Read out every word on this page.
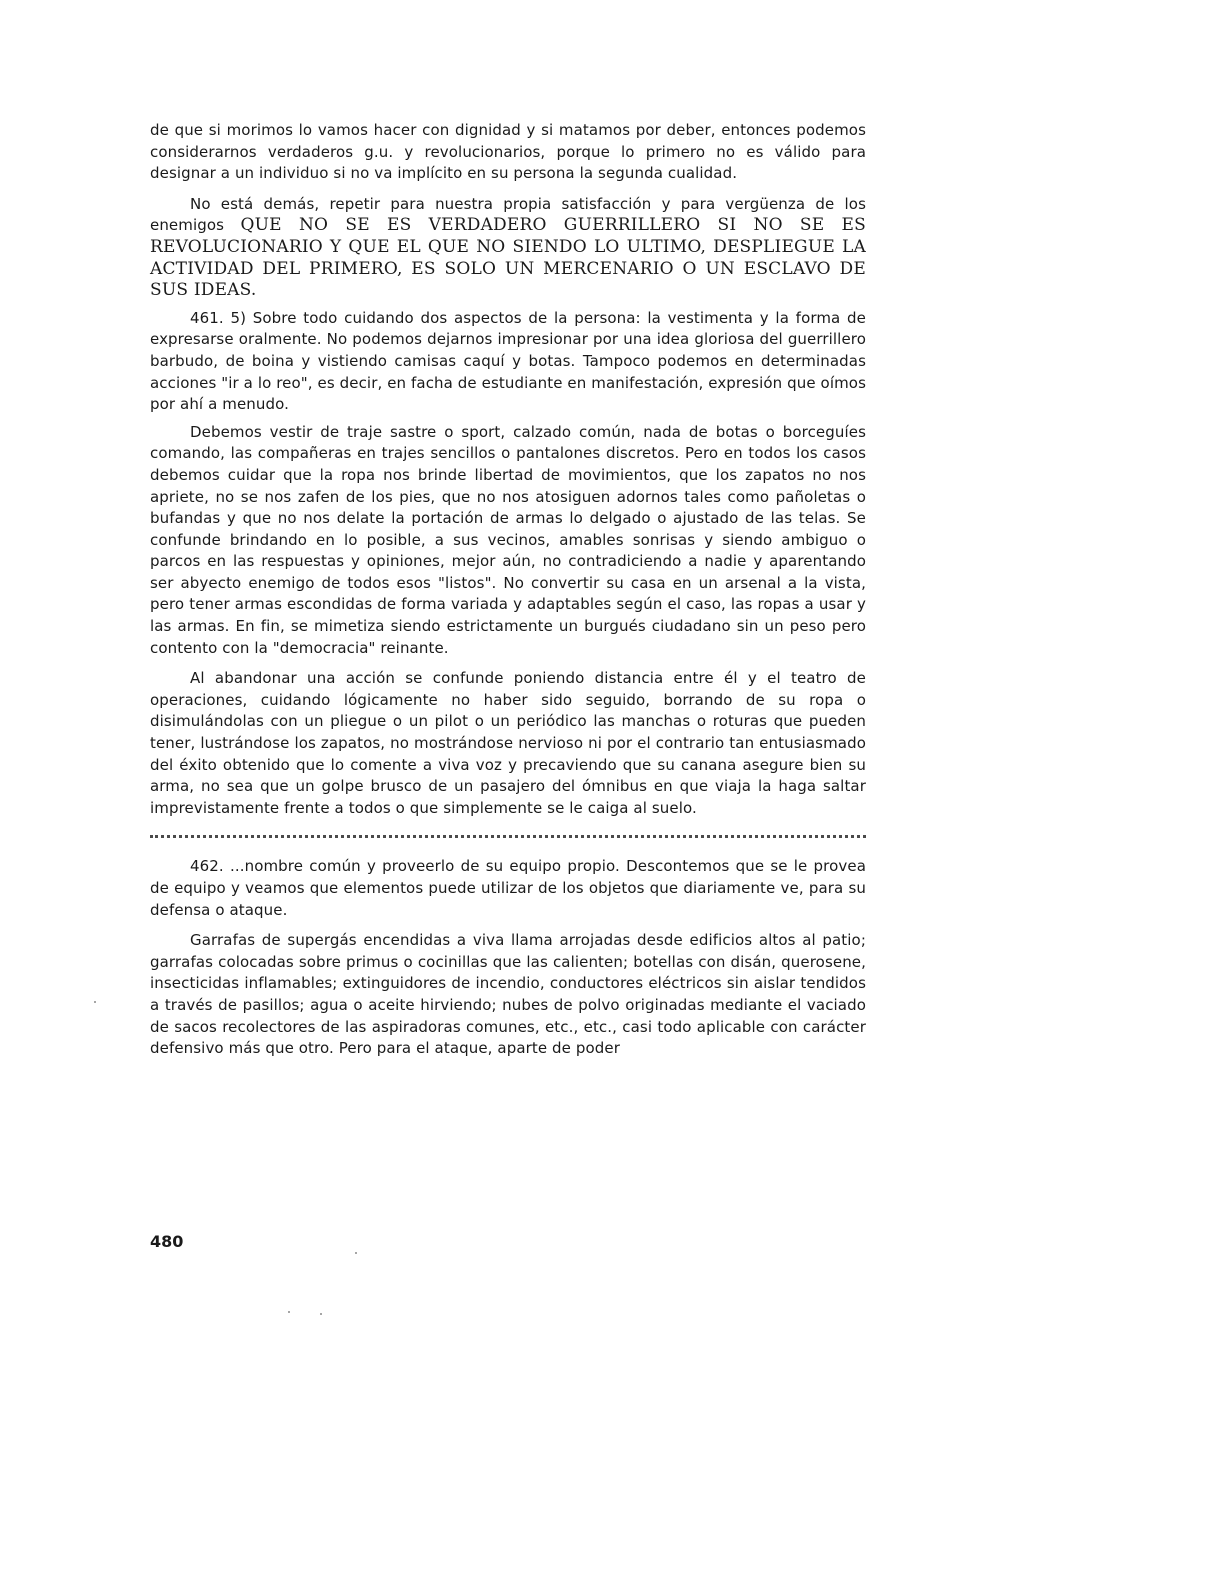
de que si morimos lo vamos hacer con dignidad y si matamos por deber, entonces podemos considerarnos verdaderos g.u. y revolucionarios, porque lo primero no es válido para designar a un individuo si no va implícito en su persona la segunda cualidad.

No está demás, repetir para nuestra propia satisfacción y para vergüenza de los enemigos QUE NO SE ES VERDADERO GUERRILLERO SI NO SE ES REVOLUCIONARIO Y QUE EL QUE NO SIENDO LO ULTIMO, DESPLIEGUE LA ACTIVIDAD DEL PRIMERO, ES SOLO UN MERCENARIO O UN ESCLAVO DE SUS IDEAS.

461. 5) Sobre todo cuidando dos aspectos de la persona: la vestimenta y la forma de expresarse oralmente. No podemos dejarnos impresionar por una idea gloriosa del guerrillero barbudo, de boina y vistiendo camisas caquí y botas. Tampoco podemos en determinadas acciones "ir a lo reo", es decir, en facha de estudiante en manifestación, expresión que oímos por ahí a menudo.

Debemos vestir de traje sastre o sport, calzado común, nada de botas o borceguíes comando, las compañeras en trajes sencillos o pantalones discretos. Pero en todos los casos debemos cuidar que la ropa nos brinde libertad de movimientos, que los zapatos no nos apriete, no se nos zafen de los pies, que no nos atosiguen adornos tales como pañoletas o bufandas y que no nos delate la portación de armas lo delgado o ajustado de las telas. Se confunde brindando en lo posible, a sus vecinos, amables sonrisas y siendo ambiguo o parcos en las respuestas y opiniones, mejor aún, no contradiciendo a nadie y aparentando ser abyecto enemigo de todos esos "listos". No convertir su casa en un arsenal a la vista, pero tener armas escondidas de forma variada y adaptables según el caso, las ropas a usar y las armas. En fin, se mimetiza siendo estrictamente un burgués ciudadano sin un peso pero contento con la "democracia" reinante.

Al abandonar una acción se confunde poniendo distancia entre él y el teatro de operaciones, cuidando lógicamente no haber sido seguido, borrando de su ropa o disimulándolas con un pliegue o un pilot o un periódico las manchas o roturas que pueden tener, lustrándose los zapatos, no mostrándose nervioso ni por el contrario tan entusiasmado del éxito obtenido que lo comente a viva voz y precaviendo que su canana asegure bien su arma, no sea que un golpe brusco de un pasajero del ómnibus en que viaja la haga saltar imprevistamente frente a todos o que simplemente se le caiga al suelo.

462. ...nombre común y proveerlo de su equipo propio. Descontemos que se le provea de equipo y veamos que elementos puede utilizar de los objetos que diariamente ve, para su defensa o ataque.

Garrafas de supergás encendidas a viva llama arrojadas desde edificios altos al patio; garrafas colocadas sobre primus o cocinillas que las calienten; botellas con disán, querosene, insecticidas inflamables; extinguidores de incendio, conductores eléctricos sin aislar tendidos a través de pasillos; agua o aceite hirviendo; nubes de polvo originadas mediante el vaciado de sacos recolectores de las aspiradoras comunes, etc., etc., casi todo aplicable con carácter defensivo más que otro. Pero para el ataque, aparte de poder

480
